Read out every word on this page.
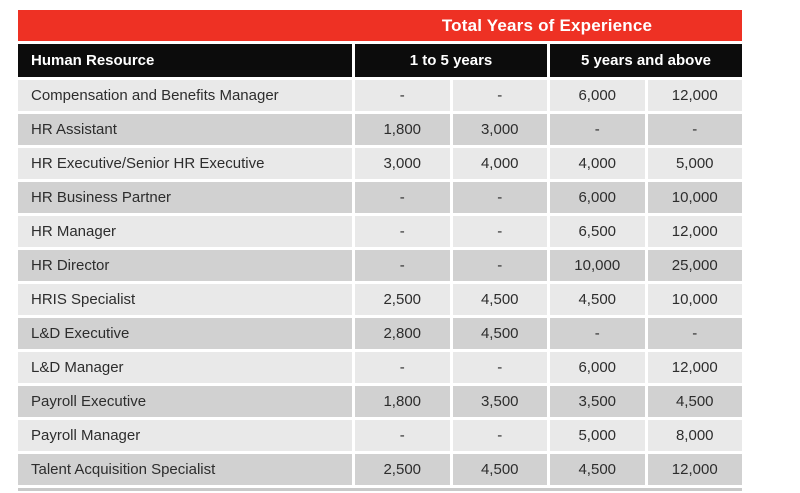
Total Years of Experience
Human Resource	1 to 5 years	5 years and above
Compensation and Benefits Manager	-	-	6,000	12,000
HR Assistant	1,800	3,000	-	-
HR Executive/Senior HR Executive	3,000	4,000	4,000	5,000
HR Business Partner	-	-	6,000	10,000
HR Manager	-	-	6,500	12,000
HR Director	-	-	10,000	25,000
HRIS Specialist	2,500	4,500	4,500	10,000
L&D Executive	2,800	4,500	-	-
L&D Manager	-	-	6,000	12,000
Payroll Executive	1,800	3,500	3,500	4,500
Payroll Manager	-	-	5,000	8,000
Talent Acquisition Specialist	2,500	4,500	4,500	12,000
